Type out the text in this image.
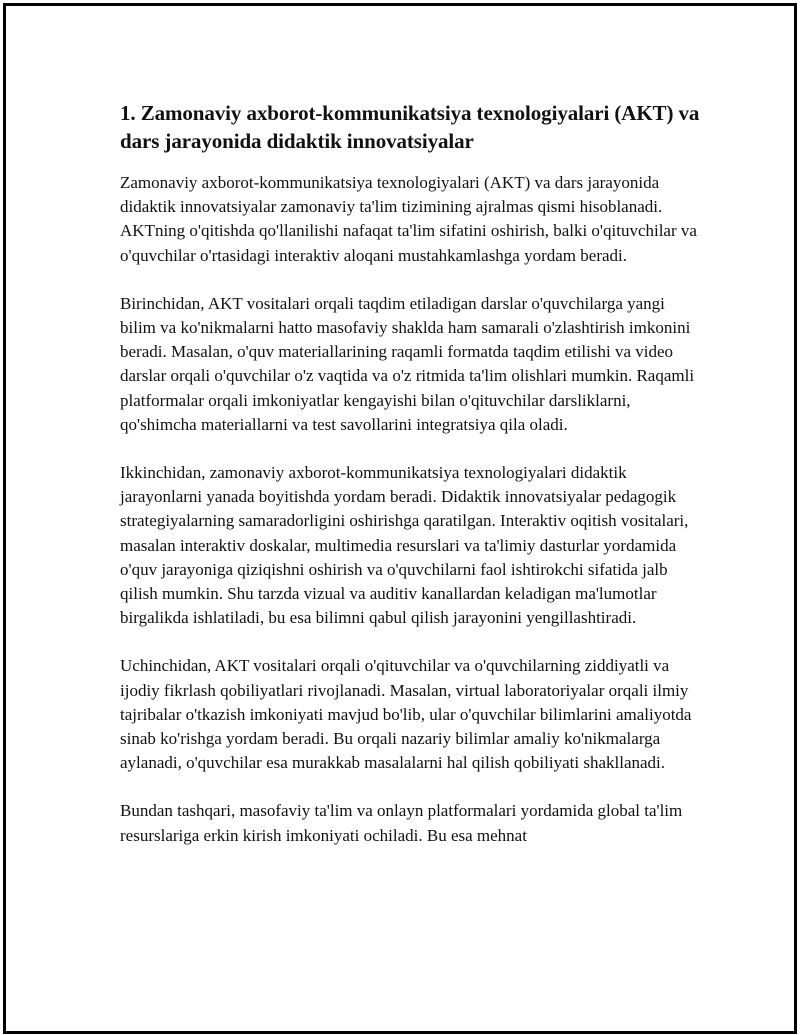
1. Zamonaviy axborot-kommunikatsiya texnologiyalari (AKT) va dars jarayonida didaktik innovatsiyalar

Zamonaviy axborot-kommunikatsiya texnologiyalari (AKT) va dars jarayonida didaktik innovatsiyalar zamonaviy ta'lim tizimining ajralmas qismi hisoblanadi. AKTning o'qitishda qo'llanilishi nafaqat ta'lim sifatini oshirish, balki o'qituvchilar va o'quvchilar o'rtasidagi interaktiv aloqani mustahkamlashga yordam beradi.

Birinchidan, AKT vositalari orqali taqdim etiladigan darslar o'quvchilarga yangi bilim va ko'nikmalarni hatto masofaviy shaklda ham samarali o'zlashtirish imkonini beradi. Masalan, o'quv materiallarining raqamli formatda taqdim etilishi va video darslar orqali o'quvchilar o'z vaqtida va o'z ritmida ta'lim olishlari mumkin. Raqamli platformalar orqali imkoniyatlar kengayishi bilan o'qituvchilar darsliklarni, qo'shimcha materiallarni va test savollarini integratsiya qila oladi.

Ikkinchidan, zamonaviy axborot-kommunikatsiya texnologiyalari didaktik jarayonlarni yanada boyitishda yordam beradi. Didaktik innovatsiyalar pedagogik strategiyalarning samaradorligini oshirishga qaratilgan. Interaktiv oqitish vositalari, masalan interaktiv doskalar, multimedia resurslari va ta'limiy dasturlar yordamida o'quv jarayoniga qiziqishni oshirish va o'quvchilarni faol ishtirokchi sifatida jalb qilish mumkin. Shu tarzda vizual va auditiv kanallardan keladigan ma'lumotlar birgalikda ishlatiladi, bu esa bilimni qabul qilish jarayonini yengillashtiradi.

Uchinchidan, AKT vositalari orqali o'qituvchilar va o'quvchilarning ziddiyatli va ijodiy fikrlash qobiliyatlari rivojlanadi. Masalan, virtual laboratoriyalar orqali ilmiy tajribalar o'tkazish imkoniyati mavjud bo'lib, ular o'quvchilar bilimlarini amaliyotda sinab ko'rishga yordam beradi. Bu orqali nazariy bilimlar amaliy ko'nikmalarga aylanadi, o'quvchilar esa murakkab masalalarni hal qilish qobiliyati shakllanadi.

Bundan tashqari, masofaviy ta'lim va onlayn platformalari yordamida global ta'lim resurslariga erkin kirish imkoniyati ochiladi. Bu esa mehnat
